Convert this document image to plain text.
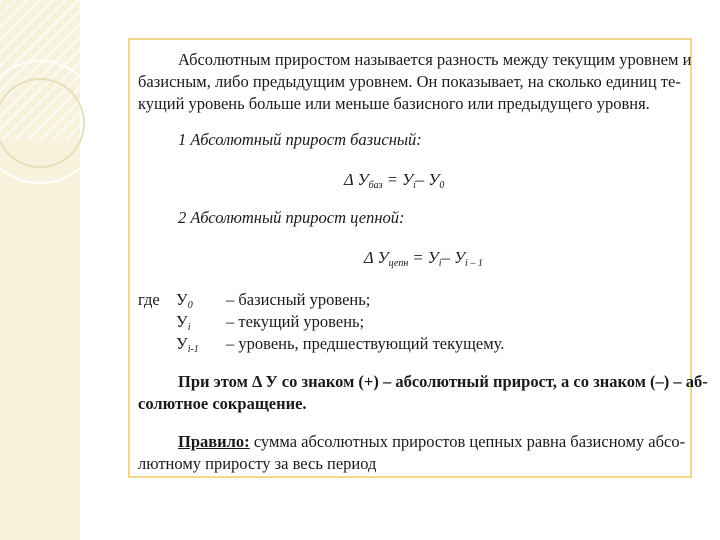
Абсолютным приростом называется разность между текущим уровнем и
базисным, либо предыдущим уровнем. Он показывает, на сколько единиц те-
кущий уровень больше или меньше базисного или предыдущего уровня.
1 Абсолютный прирост базисный:
Δ $У_{баз} = У_i-$ $У_0$
2 Абсолютный прирост цепной:
Δ $У_{цепн} = У_i-$ $У_{i - 1}$
где $У_0$ – базисный уровень;
$У_i$ – текущий уровень;
$У_{i-1}$ – уровень, предшествующий текущему.
При этом Δ У со знаком (+) – абсолютный прирост, а со знаком (–) – аб-
солютное сокращение.
Правило: сумма абсолютных приростов цепных равна базисному абсо-
лютному приросту за весь период
